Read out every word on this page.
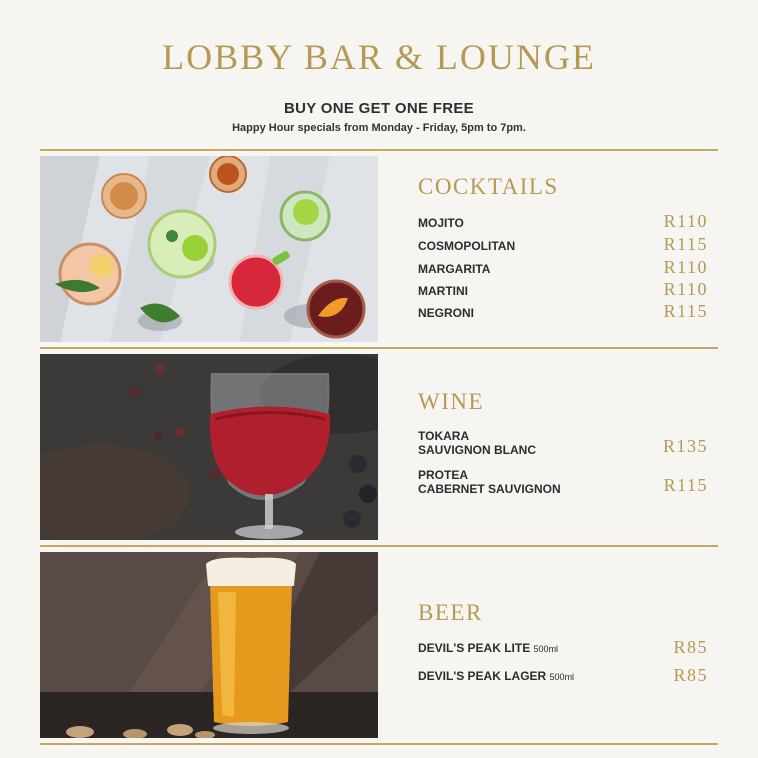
LOBBY BAR & LOUNGE
BUY ONE GET ONE FREE
Happy Hour specials from Monday - Friday, 5pm to 7pm.
COCKTAILS
MOJITO	R110
COSMOPOLITAN	R115
MARGARITA	R110
MARTINI	R110
NEGRONI	R115
WINE
TOKARA
SAUVIGNON BLANC	R135
PROTEA
CABERNET SAUVIGNON	R115
BEER
DEVIL'S PEAK LITE 500ml	R85
DEVIL'S PEAK LAGER 500ml	R85
